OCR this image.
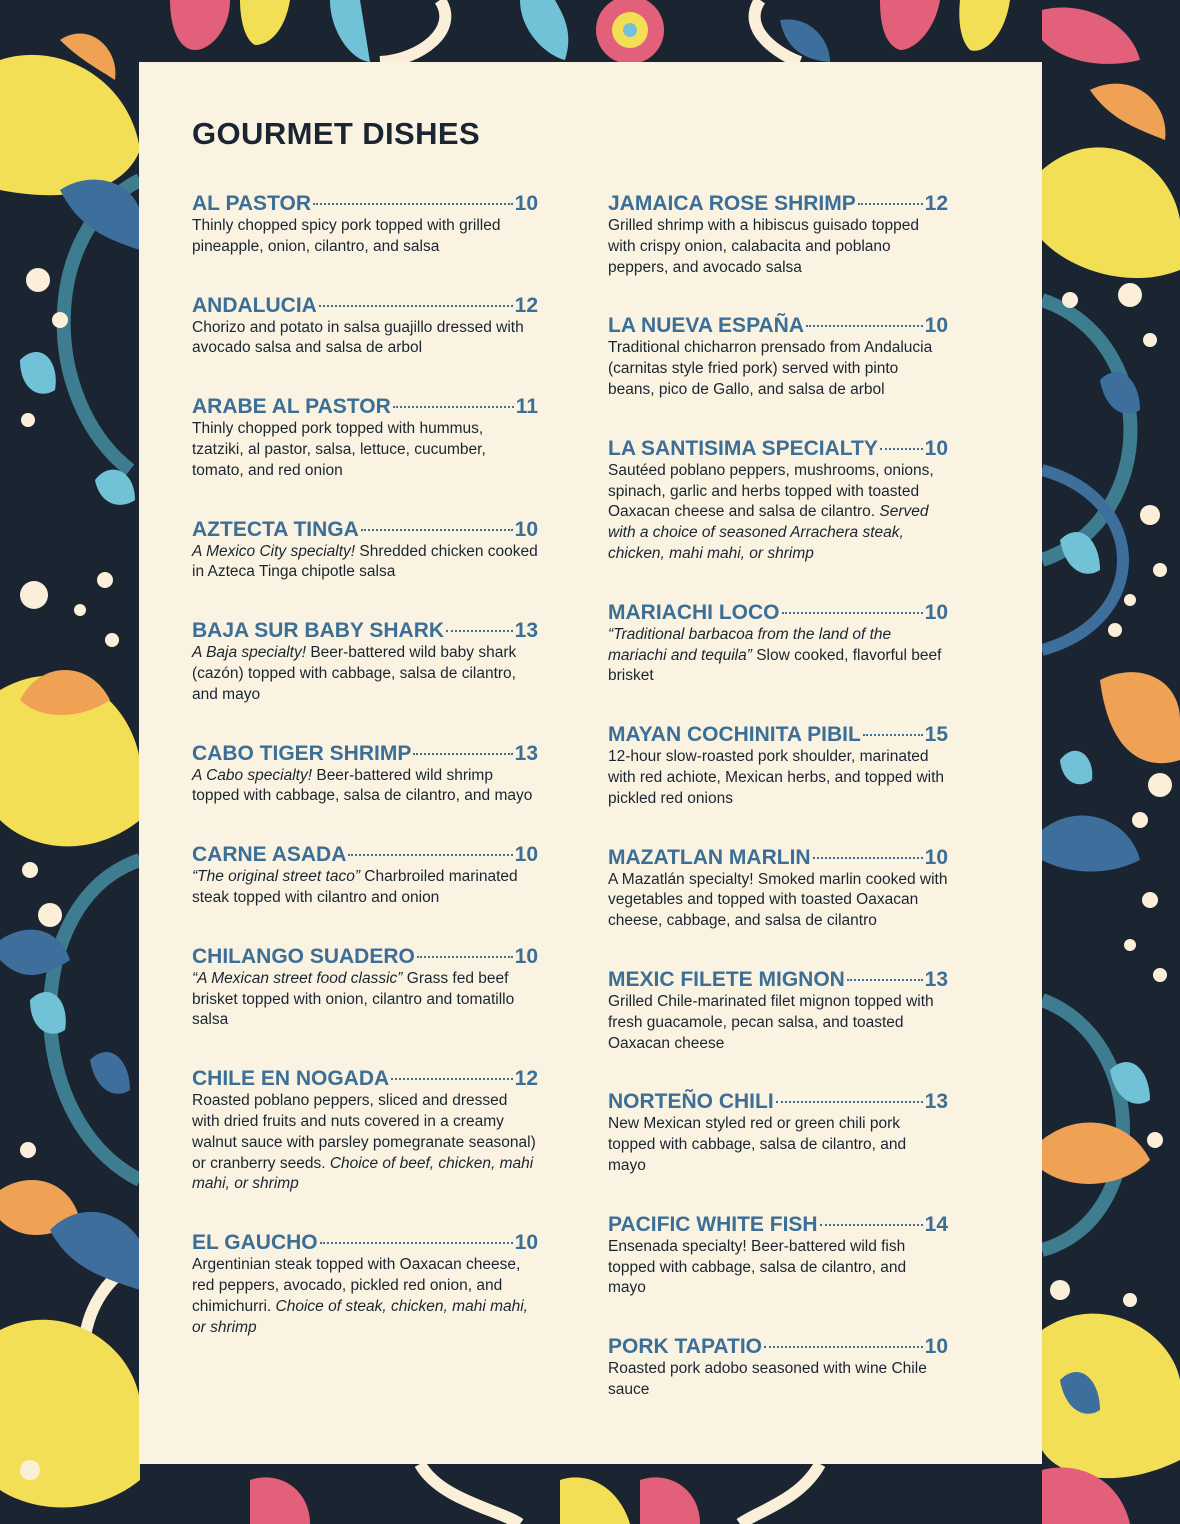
GOURMET DISHES
AL PASTOR	10

Thinly chopped spicy pork topped with grilled pineapple, onion, cilantro, and salsa

ANDALUCIA	12

Chorizo and potato in salsa guajillo dressed with avocado salsa and salsa de arbol

ARABE AL PASTOR	11

Thinly chopped pork topped with hummus, tzatziki, al pastor, salsa, lettuce, cucumber, tomato, and red onion

AZTECTA TINGA	10

A Mexico City specialty! Shredded chicken cooked in Azteca Tinga chipotle salsa

BAJA SUR BABY SHARK	13

A Baja specialty! Beer-battered wild baby shark (cazón) topped with cabbage, salsa de cilantro, and mayo

CABO TIGER SHRIMP	13

A Cabo specialty! Beer-battered wild shrimp topped with cabbage, salsa de cilantro, and mayo

CARNE ASADA	10

“The original street taco” Charbroiled marinated steak topped with cilantro and onion

CHILANGO SUADERO	10

“A Mexican street food classic” Grass fed beef brisket topped with onion, cilantro and tomatillo salsa

CHILE EN NOGADA	12

Roasted poblano peppers, sliced and dressed with dried fruits and nuts covered in a creamy walnut sauce with parsley pomegranate seasonal) or cranberry seeds. Choice of beef, chicken, mahi mahi, or shrimp

EL GAUCHO	10

Argentinian steak topped with Oaxacan cheese, red peppers, avocado, pickled red onion, and chimichurri. Choice of steak, chicken, mahi mahi, or shrimp

JAMAICA ROSE SHRIMP	12

Grilled shrimp with a hibiscus guisado topped with crispy onion, calabacita and poblano peppers, and avocado salsa

LA NUEVA ESPAÑA	10

Traditional chicharron prensado from Andalucia (carnitas style fried pork) served with pinto beans, pico de Gallo, and salsa de arbol

LA SANTISIMA SPECIALTY 10

Sautéed poblano peppers, mushrooms, onions, spinach, garlic and herbs topped with toasted Oaxacan cheese and salsa de cilantro. Served with a choice of seasoned Arrachera steak, chicken, mahi mahi, or shrimp

MARIACHI LOCO	10

“Traditional barbacoa from the land of the mariachi and tequila” Slow cooked, flavorful beef brisket

MAYAN COCHINITA PIBIL	15

12-hour slow-roasted pork shoulder, marinated with red achiote, Mexican herbs, and topped with pickled red onions

MAZATLAN MARLIN	10

A Mazatlán specialty! Smoked marlin cooked with vegetables and topped with toasted Oaxacan cheese, cabbage, and salsa de cilantro

MEXIC FILETE MIGNON	13

Grilled Chile-marinated filet mignon topped with fresh guacamole, pecan salsa, and toasted Oaxacan cheese

NORTEÑO CHILI	13

New Mexican styled red or green chili pork topped with cabbage, salsa de cilantro, and mayo

PACIFIC WHITE FISH	14

Ensenada specialty! Beer-battered wild fish topped with cabbage, salsa de cilantro, and mayo

PORK TAPATIO	10

Roasted pork adobo seasoned with wine Chile sauce
